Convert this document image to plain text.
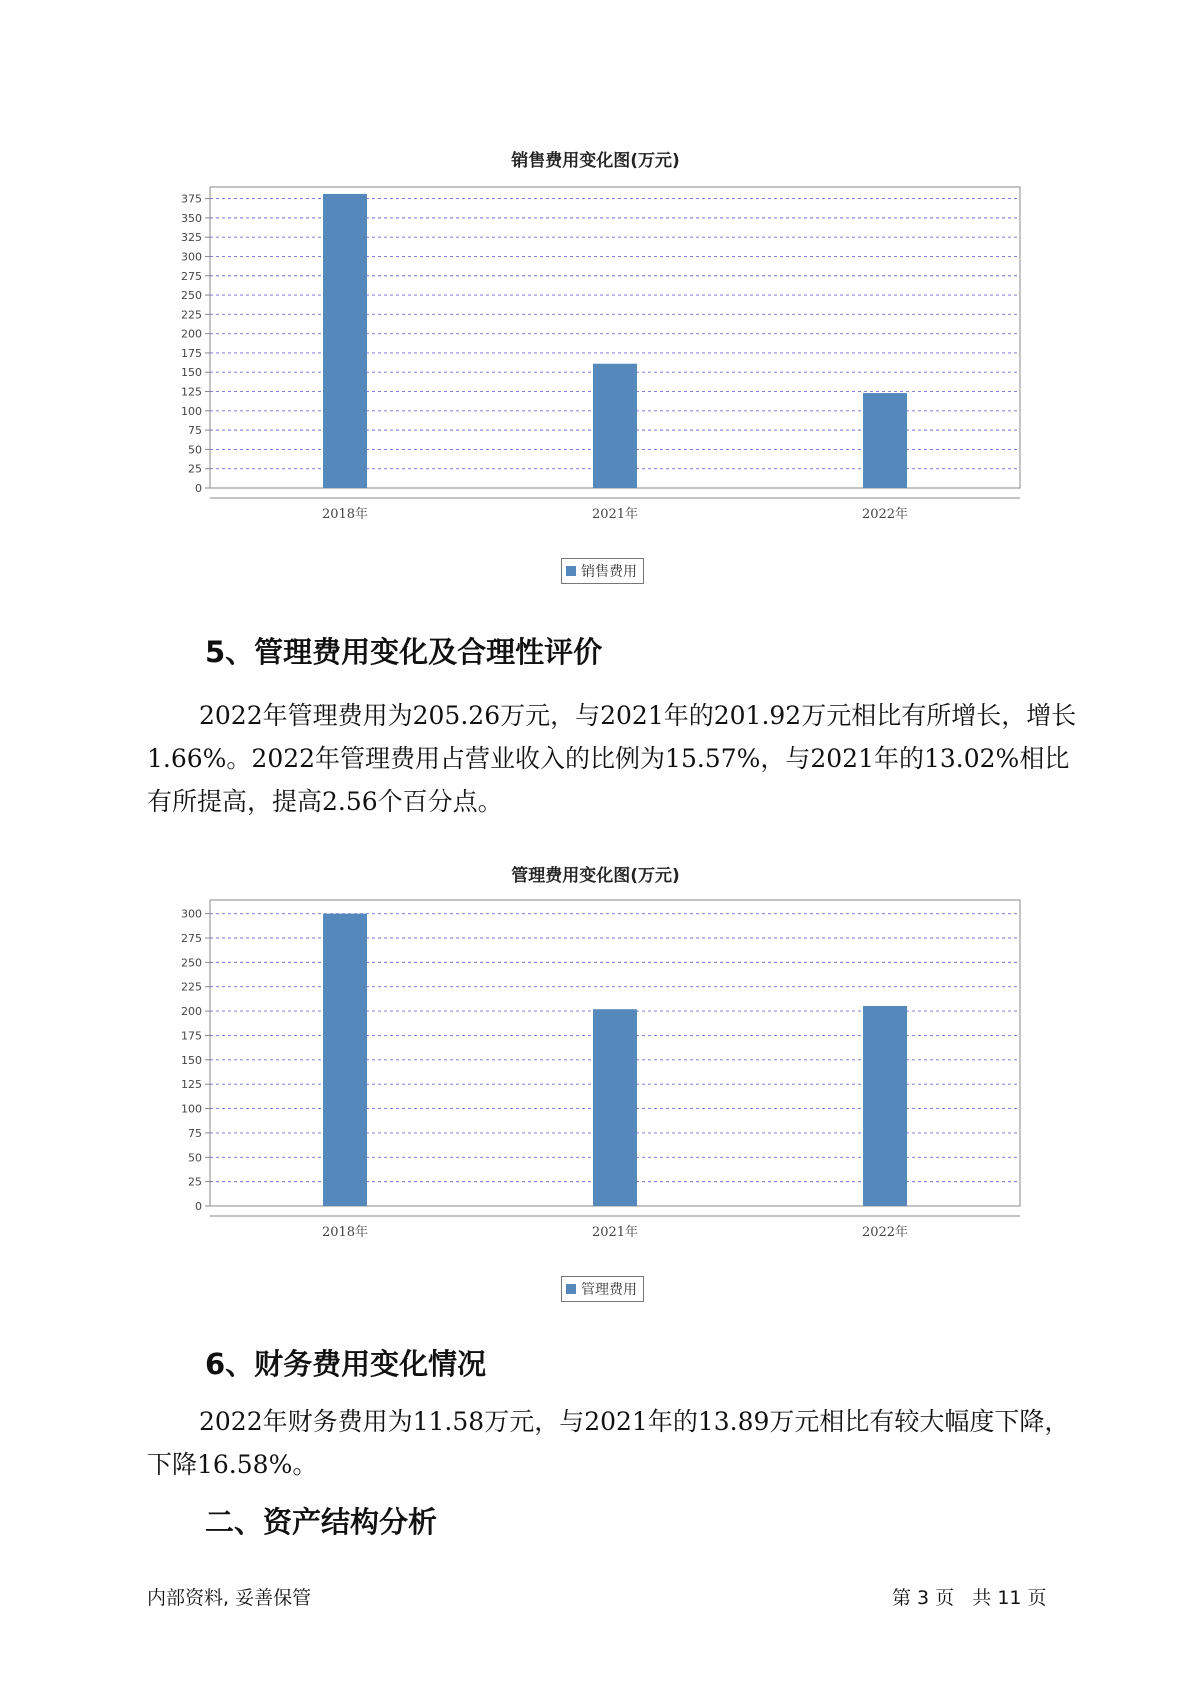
销售费用变化图(万元)
0
25
50
75
100
125
150
175
200
225
250
275
300
325
350
375
2018年	2021年	2022年
销售费用
5、管理费用变化及合理性评价
2022年管理费用为205.26万元，与2021年的201.92万元相比有所增长，增长1.66%。2022年管理费用占营业收入的比例为15.57%，与2021年的13.02%相比有所提高，提高2.56个百分点。
管理费用变化图(万元)
0
25
50
75
100
125
150
175
200
225
250
275
300
2018年	2021年	2022年
管理费用
6、财务费用变化情况
2022年财务费用为11.58万元，与2021年的13.89万元相比有较大幅度下降，下降16.58%。
二、资产结构分析
内部资料, 妥善保管	第 3 页   共 11 页
